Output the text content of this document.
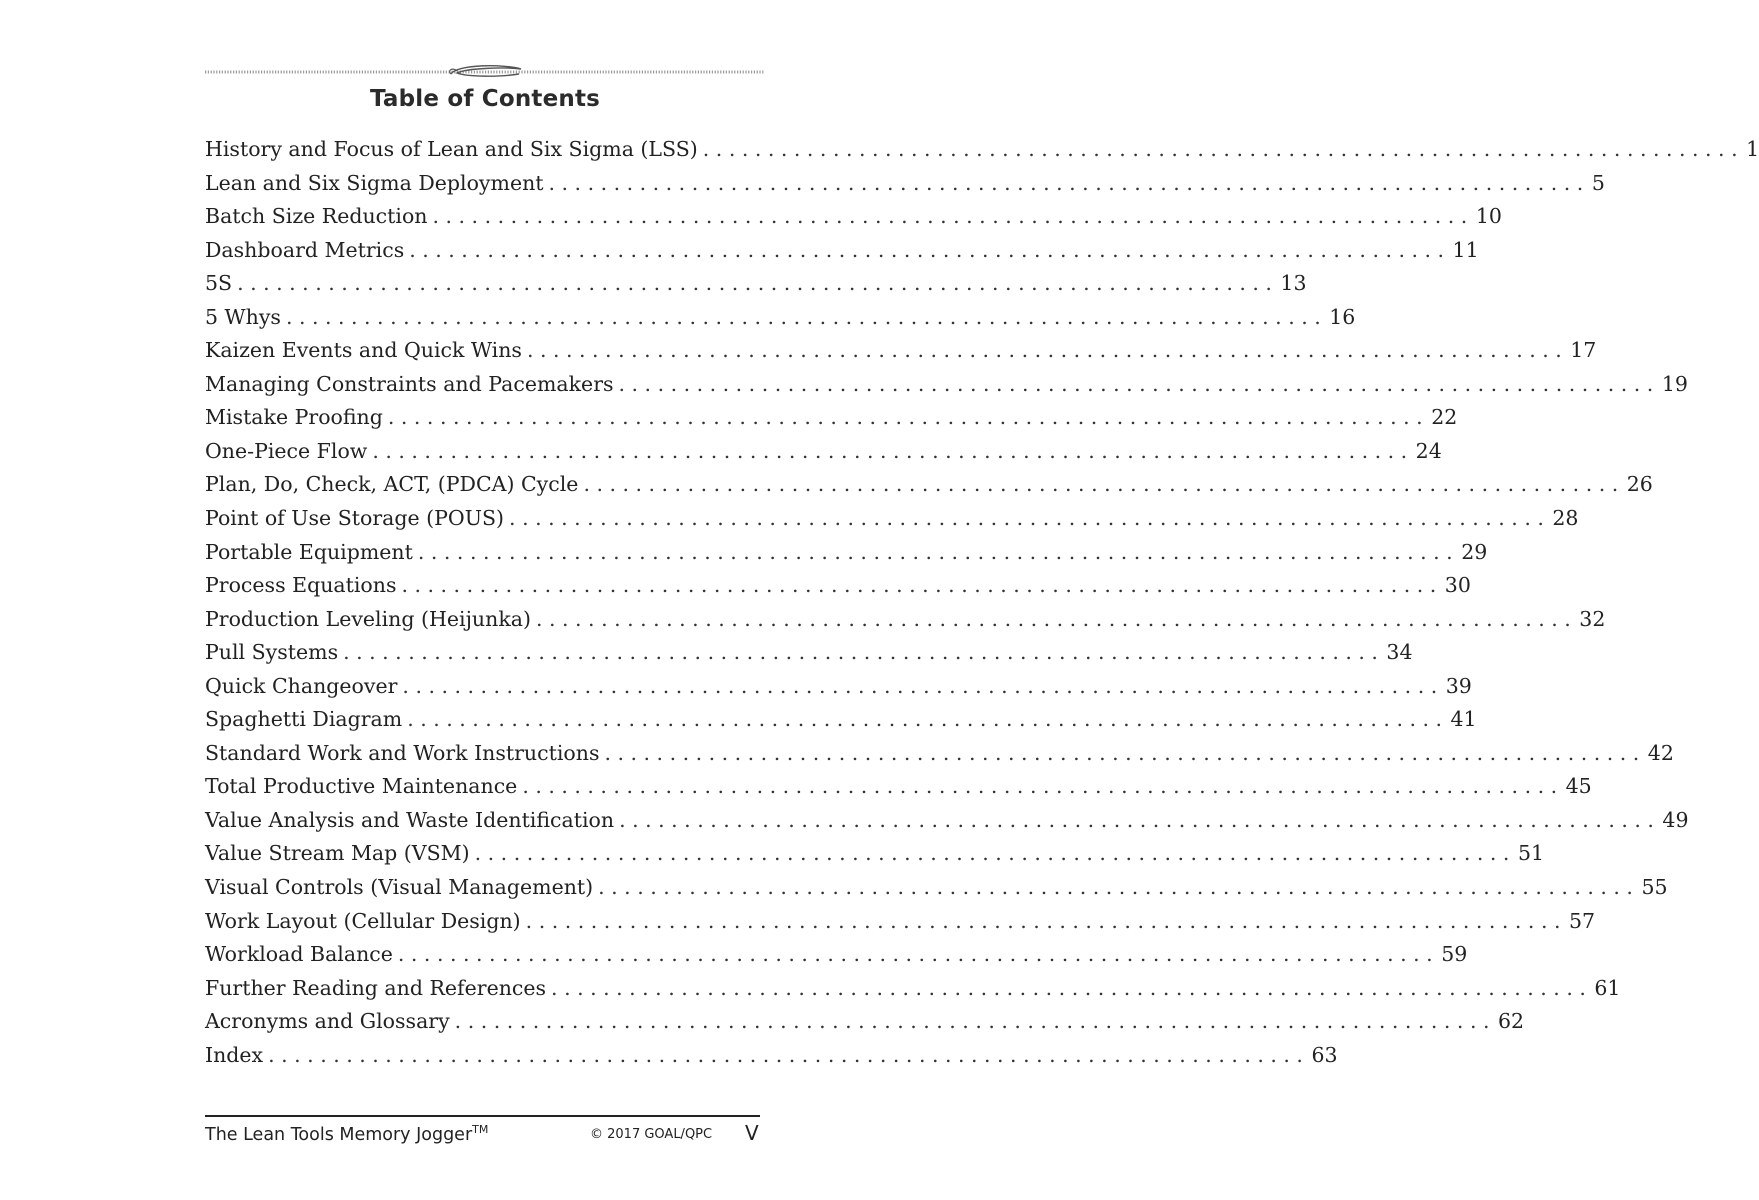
Table of Contents
History and Focus of Lean and Six Sigma (LSS) ................................................................................ 1
Lean and Six Sigma Deployment ................................................................................ 5
Batch Size Reduction ................................................................................ 10
Dashboard Metrics ................................................................................ 11
5S ................................................................................ 13
5 Whys ................................................................................ 16
Kaizen Events and Quick Wins ................................................................................ 17
Managing Constraints and Pacemakers ................................................................................ 19
Mistake Proofing ................................................................................ 22
One-Piece Flow ................................................................................ 24
Plan, Do, Check, ACT, (PDCA) Cycle ................................................................................ 26
Point of Use Storage (POUS) ................................................................................ 28
Portable Equipment ................................................................................ 29
Process Equations ................................................................................ 30
Production Leveling (Heijunka) ................................................................................ 32
Pull Systems ................................................................................ 34
Quick Changeover ................................................................................ 39
Spaghetti Diagram ................................................................................ 41
Standard Work and Work Instructions ................................................................................ 42
Total Productive Maintenance ................................................................................ 45
Value Analysis and Waste Identification ................................................................................ 49
Value Stream Map (VSM) ................................................................................ 51
Visual Controls (Visual Management) ................................................................................ 55
Work Layout (Cellular Design) ................................................................................ 57
Workload Balance ................................................................................ 59
Further Reading and References ................................................................................ 61
Acronyms and Glossary ................................................................................ 62
Index ................................................................................ 63
The Lean Tools Memory Jogger™	© 2017 GOAL/QPC V
